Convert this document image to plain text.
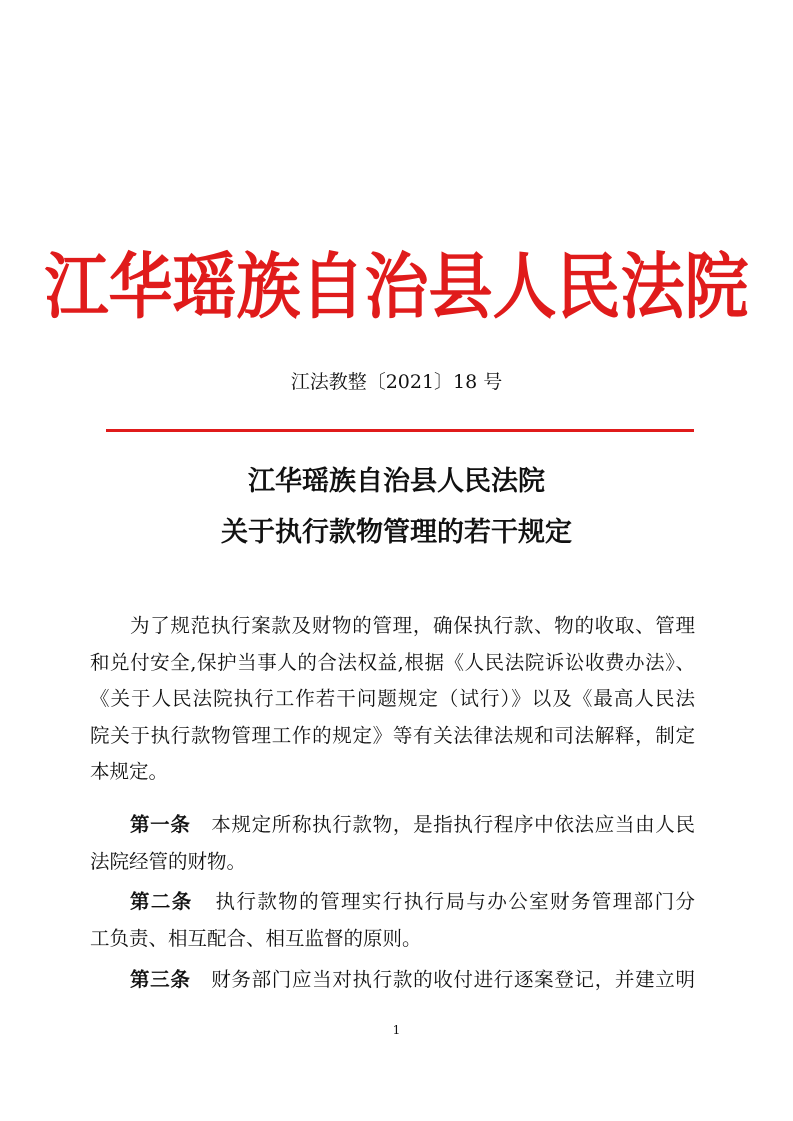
江华瑶族自治县人民法院
江法教整〔2021〕18 号
江华瑶族自治县人民法院
关于执行款物管理的若干规定
为了规范执行案款及财物的管理，确保执行款、物的收取、管理
和兑付安全,保护当事人的合法权益,根据《人民法院诉讼收费办法》、
《关于人民法院执行工作若干问题规定（试行）》以及《最高人民法
院关于执行款物管理工作的规定》等有关法律法规和司法解释，制定
本规定。
第一条 本规定所称执行款物，是指执行程序中依法应当由人民
法院经管的财物。
第二条 执行款物的管理实行执行局与办公室财务管理部门分
工负责、相互配合、相互监督的原则。
第三条 财务部门应当对执行款的收付进行逐案登记，并建立明
1
